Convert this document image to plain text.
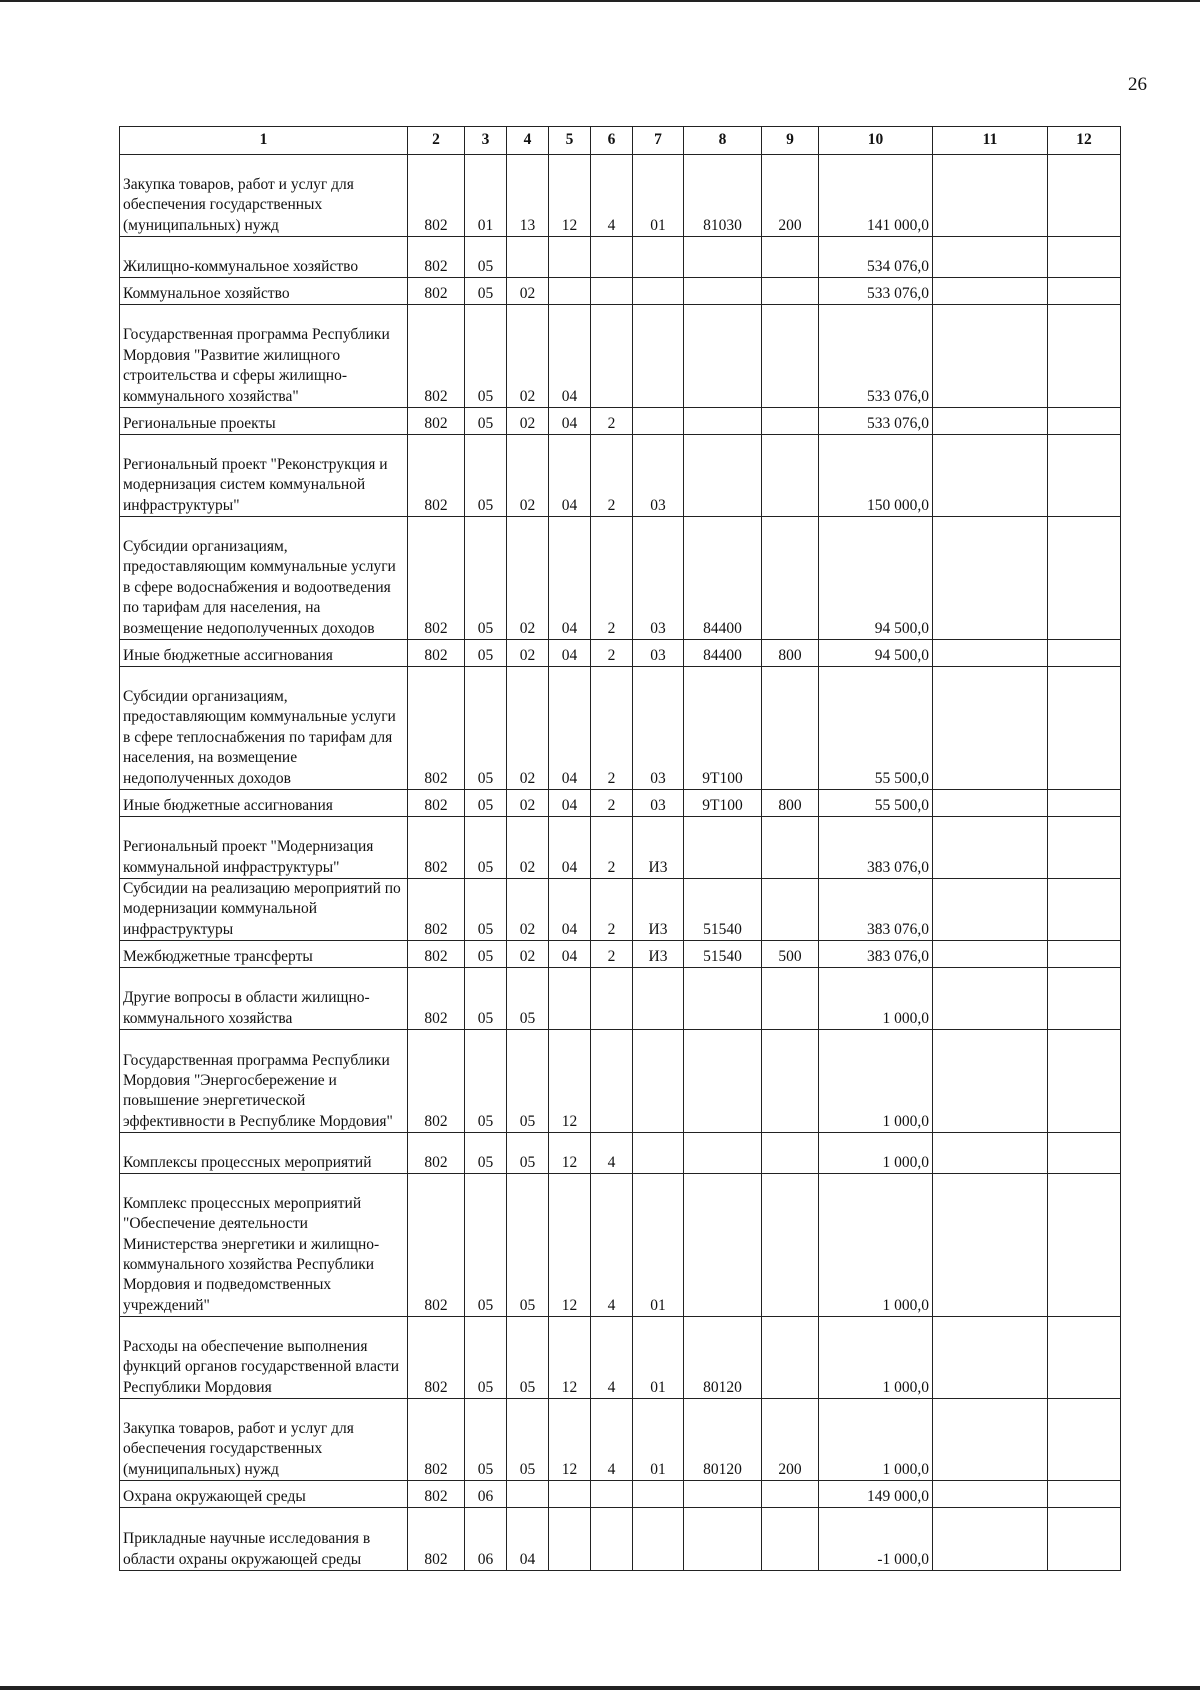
26
1	2	3	4	5	6	7	8	9	10	11	12
Закупка товаров, работ и услуг для обеспечения государственных (муниципальных) нужд	802	01	13	12	4	01	81030	200	141 000,0		
Жилищно-коммунальное хозяйство	802	05							534 076,0		
Коммунальное хозяйство	802	05	02						533 076,0		
Государственная программа Республики Мордовия "Развитие жилищного строительства и сферы жилищно-коммунального хозяйства"	802	05	02	04					533 076,0		
Региональные проекты	802	05	02	04	2				533 076,0		
Региональный проект "Реконструкция и модернизация систем коммунальной инфраструктуры"	802	05	02	04	2	03			150 000,0		
Субсидии организациям, предоставляющим коммунальные услуги в сфере водоснабжения и водоотведения по тарифам для населения, на возмещение недополученных доходов	802	05	02	04	2	03	84400		94 500,0		
Иные бюджетные ассигнования	802	05	02	04	2	03	84400	800	94 500,0		
Субсидии организациям, предоставляющим коммунальные услуги в сфере теплоснабжения по тарифам для населения, на возмещение недополученных доходов	802	05	02	04	2	03	9Т100		55 500,0		
Иные бюджетные ассигнования	802	05	02	04	2	03	9Т100	800	55 500,0		
Региональный проект "Модернизация коммунальной инфраструктуры"	802	05	02	04	2	И3			383 076,0		
Субсидии на реализацию мероприятий по модернизации коммунальной инфраструктуры	802	05	02	04	2	И3	51540		383 076,0		
Межбюджетные трансферты	802	05	02	04	2	И3	51540	500	383 076,0		
Другие вопросы в области жилищно-коммунального хозяйства	802	05	05						1 000,0		
Государственная программа Республики Мордовия "Энергосбережение и повышение энергетической эффективности в Республике Мордовия"	802	05	05	12					1 000,0		
Комплексы процессных мероприятий	802	05	05	12	4				1 000,0		
Комплекс процессных мероприятий "Обеспечение деятельности Министерства энергетики и жилищно-коммунального хозяйства Республики Мордовия и подведомственных учреждений"	802	05	05	12	4	01			1 000,0		
Расходы на обеспечение выполнения функций органов государственной власти Республики Мордовия	802	05	05	12	4	01	80120		1 000,0		
Закупка товаров, работ и услуг для обеспечения государственных (муниципальных) нужд	802	05	05	12	4	01	80120	200	1 000,0		
Охрана окружающей среды	802	06							149 000,0		
Прикладные научные исследования в области охраны окружающей среды	802	06	04						-1 000,0		
